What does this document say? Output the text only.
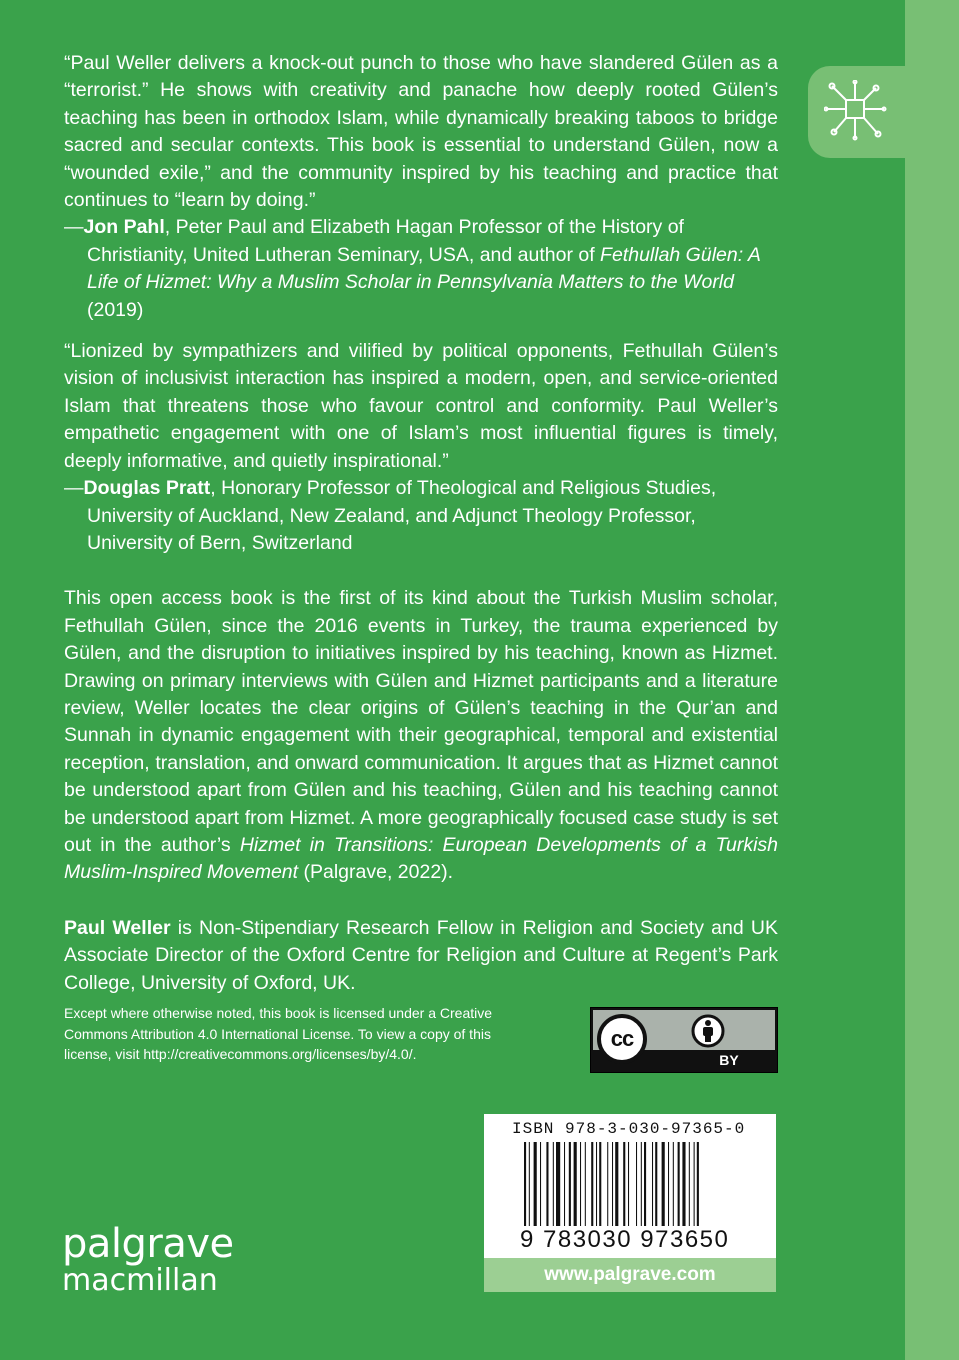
“Paul Weller delivers a knock-out punch to those who have slandered Gülen as a “terrorist.” He shows with creativity and panache how deeply rooted Gülen’s teaching has been in orthodox Islam, while dynamically breaking taboos to bridge sacred and secular contexts. This book is essential to understand Gülen, now a “wounded exile,” and the community inspired by his teaching and practice that continues to “learn by doing.”

—Jon Pahl, Peter Paul and Elizabeth Hagan Professor of the History of Christianity, United Lutheran Seminary, USA, and author of Fethullah Gülen: A Life of Hizmet: Why a Muslim Scholar in Pennsylvania Matters to the World (2019)

“Lionized by sympathizers and vilified by political opponents, Fethullah Gülen’s vision of inclusivist interaction has inspired a modern, open, and service-oriented Islam that threatens those who favour control and conformity. Paul Weller’s empathetic engagement with one of Islam’s most influential figures is timely, deeply informative, and quietly inspirational.”

—Douglas Pratt, Honorary Professor of Theological and Religious Studies, University of Auckland, New Zealand, and Adjunct Theology Professor, University of Bern, Switzerland

This open access book is the first of its kind about the Turkish Muslim scholar, Fethullah Gülen, since the 2016 events in Turkey, the trauma experienced by Gülen, and the disruption to initiatives inspired by his teaching, known as Hizmet. Drawing on primary interviews with Gülen and Hizmet participants and a literature review, Weller locates the clear origins of Gülen’s teaching in the Qur’an and Sunnah in dynamic engagement with their geographical, temporal and existential reception, translation, and onward communication. It argues that as Hizmet cannot be understood apart from Gülen and his teaching, Gülen and his teaching cannot be understood apart from Hizmet. A more geographically focused case study is set out in the author’s Hizmet in Transitions: European Developments of a Turkish Muslim-Inspired Movement (Palgrave, 2022).

Paul Weller is Non-Stipendiary Research Fellow in Religion and Society and UK Associate Director of the Oxford Centre for Religion and Culture at Regent’s Park College, University of Oxford, UK.

Except where otherwise noted, this book is licensed under a Creative Commons Attribution 4.0 International License. To view a copy of this license, visit http://creativecommons.org/licenses/by/4.0/.
cc
BY
ISBN 978-3-030-97365-0
9 783030 973650
www.palgrave.com
palgrave
macmillan
